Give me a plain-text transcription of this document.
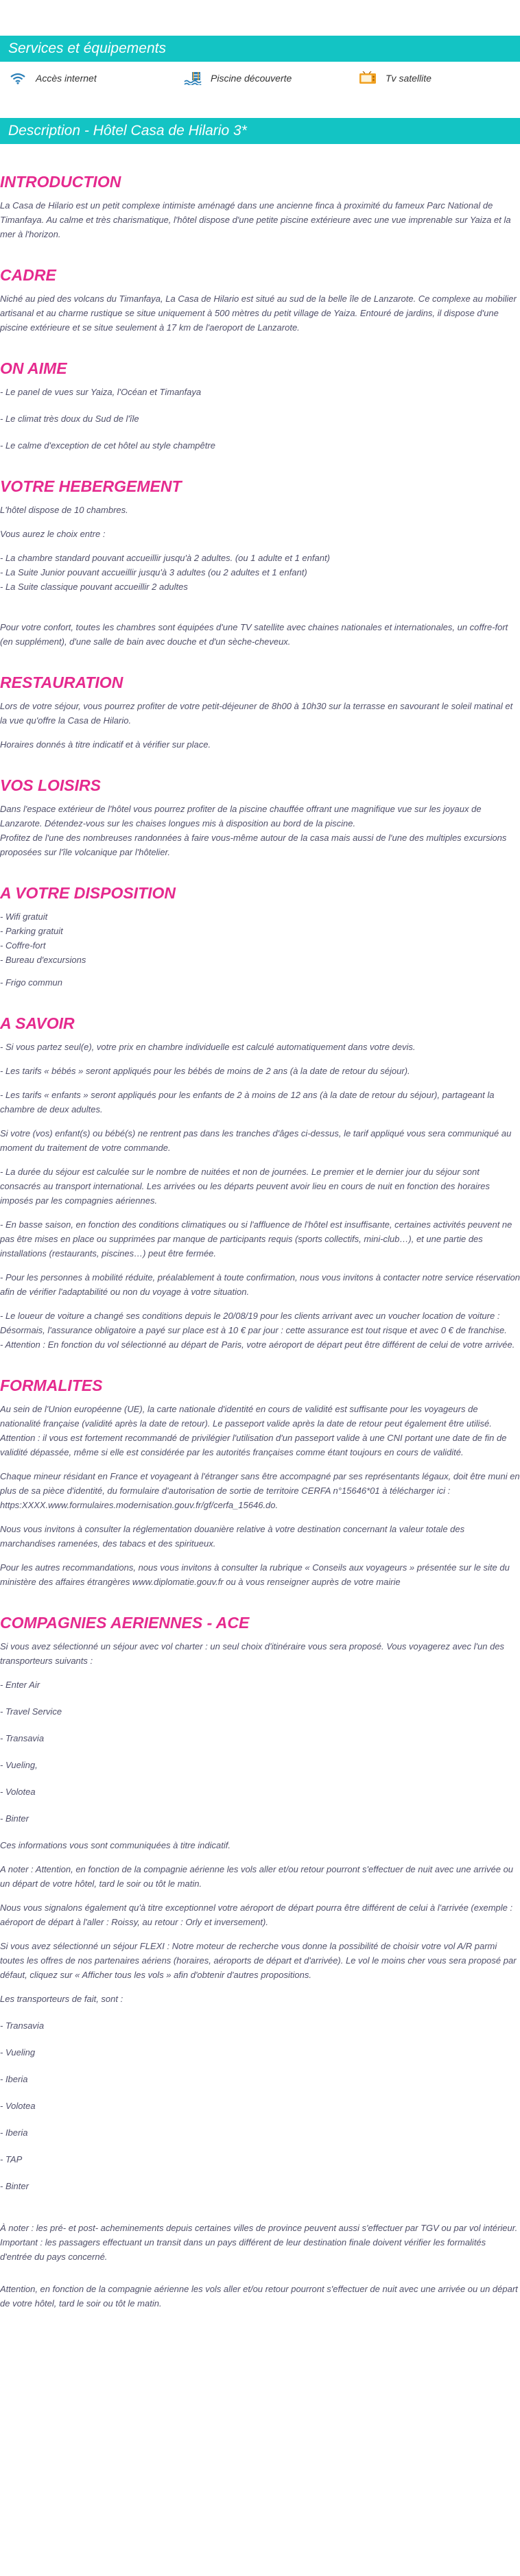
Services et équipements
Accès internet	Piscine découverte	Tv satellite
Description - Hôtel Casa de Hilario 3*
INTRODUCTION

La Casa de Hilario est un petit complexe intimiste aménagé dans une ancienne finca à proximité du fameux Parc National de Timanfaya. Au calme et très charismatique, l'hôtel dispose d'une petite piscine extérieure avec une vue imprenable sur Yaiza et la mer à l'horizon.

CADRE

Niché au pied des volcans du Timanfaya, La Casa de Hilario est situé au sud de la belle île de Lanzarote. Ce complexe au mobilier artisanal et au charme rustique se situe uniquement à 500 mètres du petit village de Yaiza. Entouré de jardins, il dispose d'une piscine extérieure et se situe seulement à 17 km de l'aeroport de Lanzarote.

ON AIME

- Le panel de vues sur Yaiza, l'Océan et Timanfaya

- Le climat très doux du Sud de l'île

- Le calme d'exception de cet hôtel au style champêtre

VOTRE HEBERGEMENT

L'hôtel dispose de 10 chambres.

Vous aurez le choix entre :

- La chambre standard pouvant accueillir jusqu'à 2 adultes. (ou 1 adulte et 1 enfant)

- La Suite Junior pouvant accueillir jusqu'à 3 adultes (ou 2 adultes et 1 enfant)

- La Suite classique pouvant accueillir 2 adultes

Pour votre confort, toutes les chambres sont équipées d'une TV satellite avec chaines nationales et internationales, un coffre-fort (en supplément), d'une salle de bain avec douche et d'un sèche-cheveux.

RESTAURATION

Lors de votre séjour, vous pourrez profiter de votre petit-déjeuner de 8h00 à 10h30 sur la terrasse en savourant le soleil matinal et la vue qu'offre la Casa de Hilario.

Horaires donnés à titre indicatif et à vérifier sur place.

VOS LOISIRS

Dans l'espace extérieur de l'hôtel vous pourrez profiter de la piscine chauffée offrant une magnifique vue sur les joyaux de Lanzarote. Détendez-vous sur les chaises longues mis à disposition au bord de la piscine.

Profitez de l'une des nombreuses randonnées à faire vous-même autour de la casa mais aussi de l'une des multiples excursions proposées sur l'île volcanique par l'hôtelier.

A VOTRE DISPOSITION

- Wifi gratuit

- Parking gratuit

- Coffre-fort

- Bureau d'excursions

- Frigo commun

A SAVOIR

- Si vous partez seul(e), votre prix en chambre individuelle est calculé automatiquement dans votre devis.

- Les tarifs « bébés » seront appliqués pour les bébés de moins de 2 ans (à la date de retour du séjour).

- Les tarifs « enfants » seront appliqués pour les enfants de 2 à moins de 12 ans (à la date de retour du séjour), partageant la chambre de deux adultes.

Si votre (vos) enfant(s) ou bébé(s) ne rentrent pas dans les tranches d'âges ci-dessus, le tarif appliqué vous sera communiqué au moment du traitement de votre commande.

- La durée du séjour est calculée sur le nombre de nuitées et non de journées. Le premier et le dernier jour du séjour sont consacrés au transport international. Les arrivées ou les départs peuvent avoir lieu en cours de nuit en fonction des horaires imposés par les compagnies aériennes.

- En basse saison, en fonction des conditions climatiques ou si l'affluence de l'hôtel est insuffisante, certaines activités peuvent ne pas être mises en place ou supprimées par manque de participants requis (sports collectifs, mini-club…), et une partie des installations (restaurants, piscines…) peut être fermée.

- Pour les personnes à mobilité réduite, préalablement à toute confirmation, nous vous invitons à contacter notre service réservation afin de vérifier l'adaptabilité ou non du voyage à votre situation.

- Le loueur de voiture a changé ses conditions depuis le 20/08/19 pour les clients arrivant avec un voucher location de voiture : Désormais, l'assurance obligatoire a payé sur place est à 10 € par jour : cette assurance est tout risque et avec 0 € de franchise.

- Attention : En fonction du vol sélectionné au départ de Paris, votre aéroport de départ peut être différent de celui de votre arrivée.

FORMALITES

Au sein de l'Union européenne (UE), la carte nationale d'identité en cours de validité est suffisante pour les voyageurs de nationalité française (validité après la date de retour). Le passeport valide après la date de retour peut également être utilisé. Attention : il vous est fortement recommandé de privilégier l'utilisation d'un passeport valide à une CNI portant une date de fin de validité dépassée, même si elle est considérée par les autorités françaises comme étant toujours en cours de validité.

Chaque mineur résidant en France et voyageant à l'étranger sans être accompagné par ses représentants légaux, doit être muni en plus de sa pièce d'identité, du formulaire d'autorisation de sortie de territoire CERFA n°15646*01 à télécharger ici : https:XXXX.www.formulaires.modernisation.gouv.fr/gf/cerfa_15646.do.

Nous vous invitons à consulter la réglementation douanière relative à votre destination concernant la valeur totale des marchandises ramenées, des tabacs et des spiritueux.

Pour les autres recommandations, nous vous invitons à consulter la rubrique « Conseils aux voyageurs » présentée sur le site du ministère des affaires étrangères www.diplomatie.gouv.fr ou à vous renseigner auprès de votre mairie

COMPAGNIES AERIENNES - ACE

Si vous avez sélectionné un séjour avec vol charter : un seul choix d'itinéraire vous sera proposé. Vous voyagerez avec l'un des transporteurs suivants :

- Enter Air

- Travel Service

- Transavia

- Vueling,

- Volotea

- Binter

Ces informations vous sont communiquées à titre indicatif.

A noter : Attention, en fonction de la compagnie aérienne les vols aller et/ou retour pourront s'effectuer de nuit avec une arrivée ou un départ de votre hôtel, tard le soir ou tôt le matin.

Nous vous signalons également qu'à titre exceptionnel votre aéroport de départ pourra être différent de celui à l'arrivée (exemple : aéroport de départ à l'aller : Roissy, au retour : Orly et inversement).

Si vous avez sélectionné un séjour FLEXI : Notre moteur de recherche vous donne la possibilité de choisir votre vol A/R parmi toutes les offres de nos partenaires aériens (horaires, aéroports de départ et d'arrivée). Le vol le moins cher vous sera proposé par défaut, cliquez sur « Afficher tous les vols » afin d'obtenir d'autres propositions.

Les transporteurs de fait, sont :

- Transavia

- Vueling

- Iberia

- Volotea

- Iberia

- TAP

- Binter

À noter : les pré- et post- acheminements depuis certaines villes de province peuvent aussi s'effectuer par TGV ou par vol intérieur. Important : les passagers effectuant un transit dans un pays différent de leur destination finale doivent vérifier les formalités d'entrée du pays concerné.

Attention, en fonction de la compagnie aérienne les vols aller et/ou retour pourront s'effectuer de nuit avec une arrivée ou un départ de votre hôtel, tard le soir ou tôt le matin.
